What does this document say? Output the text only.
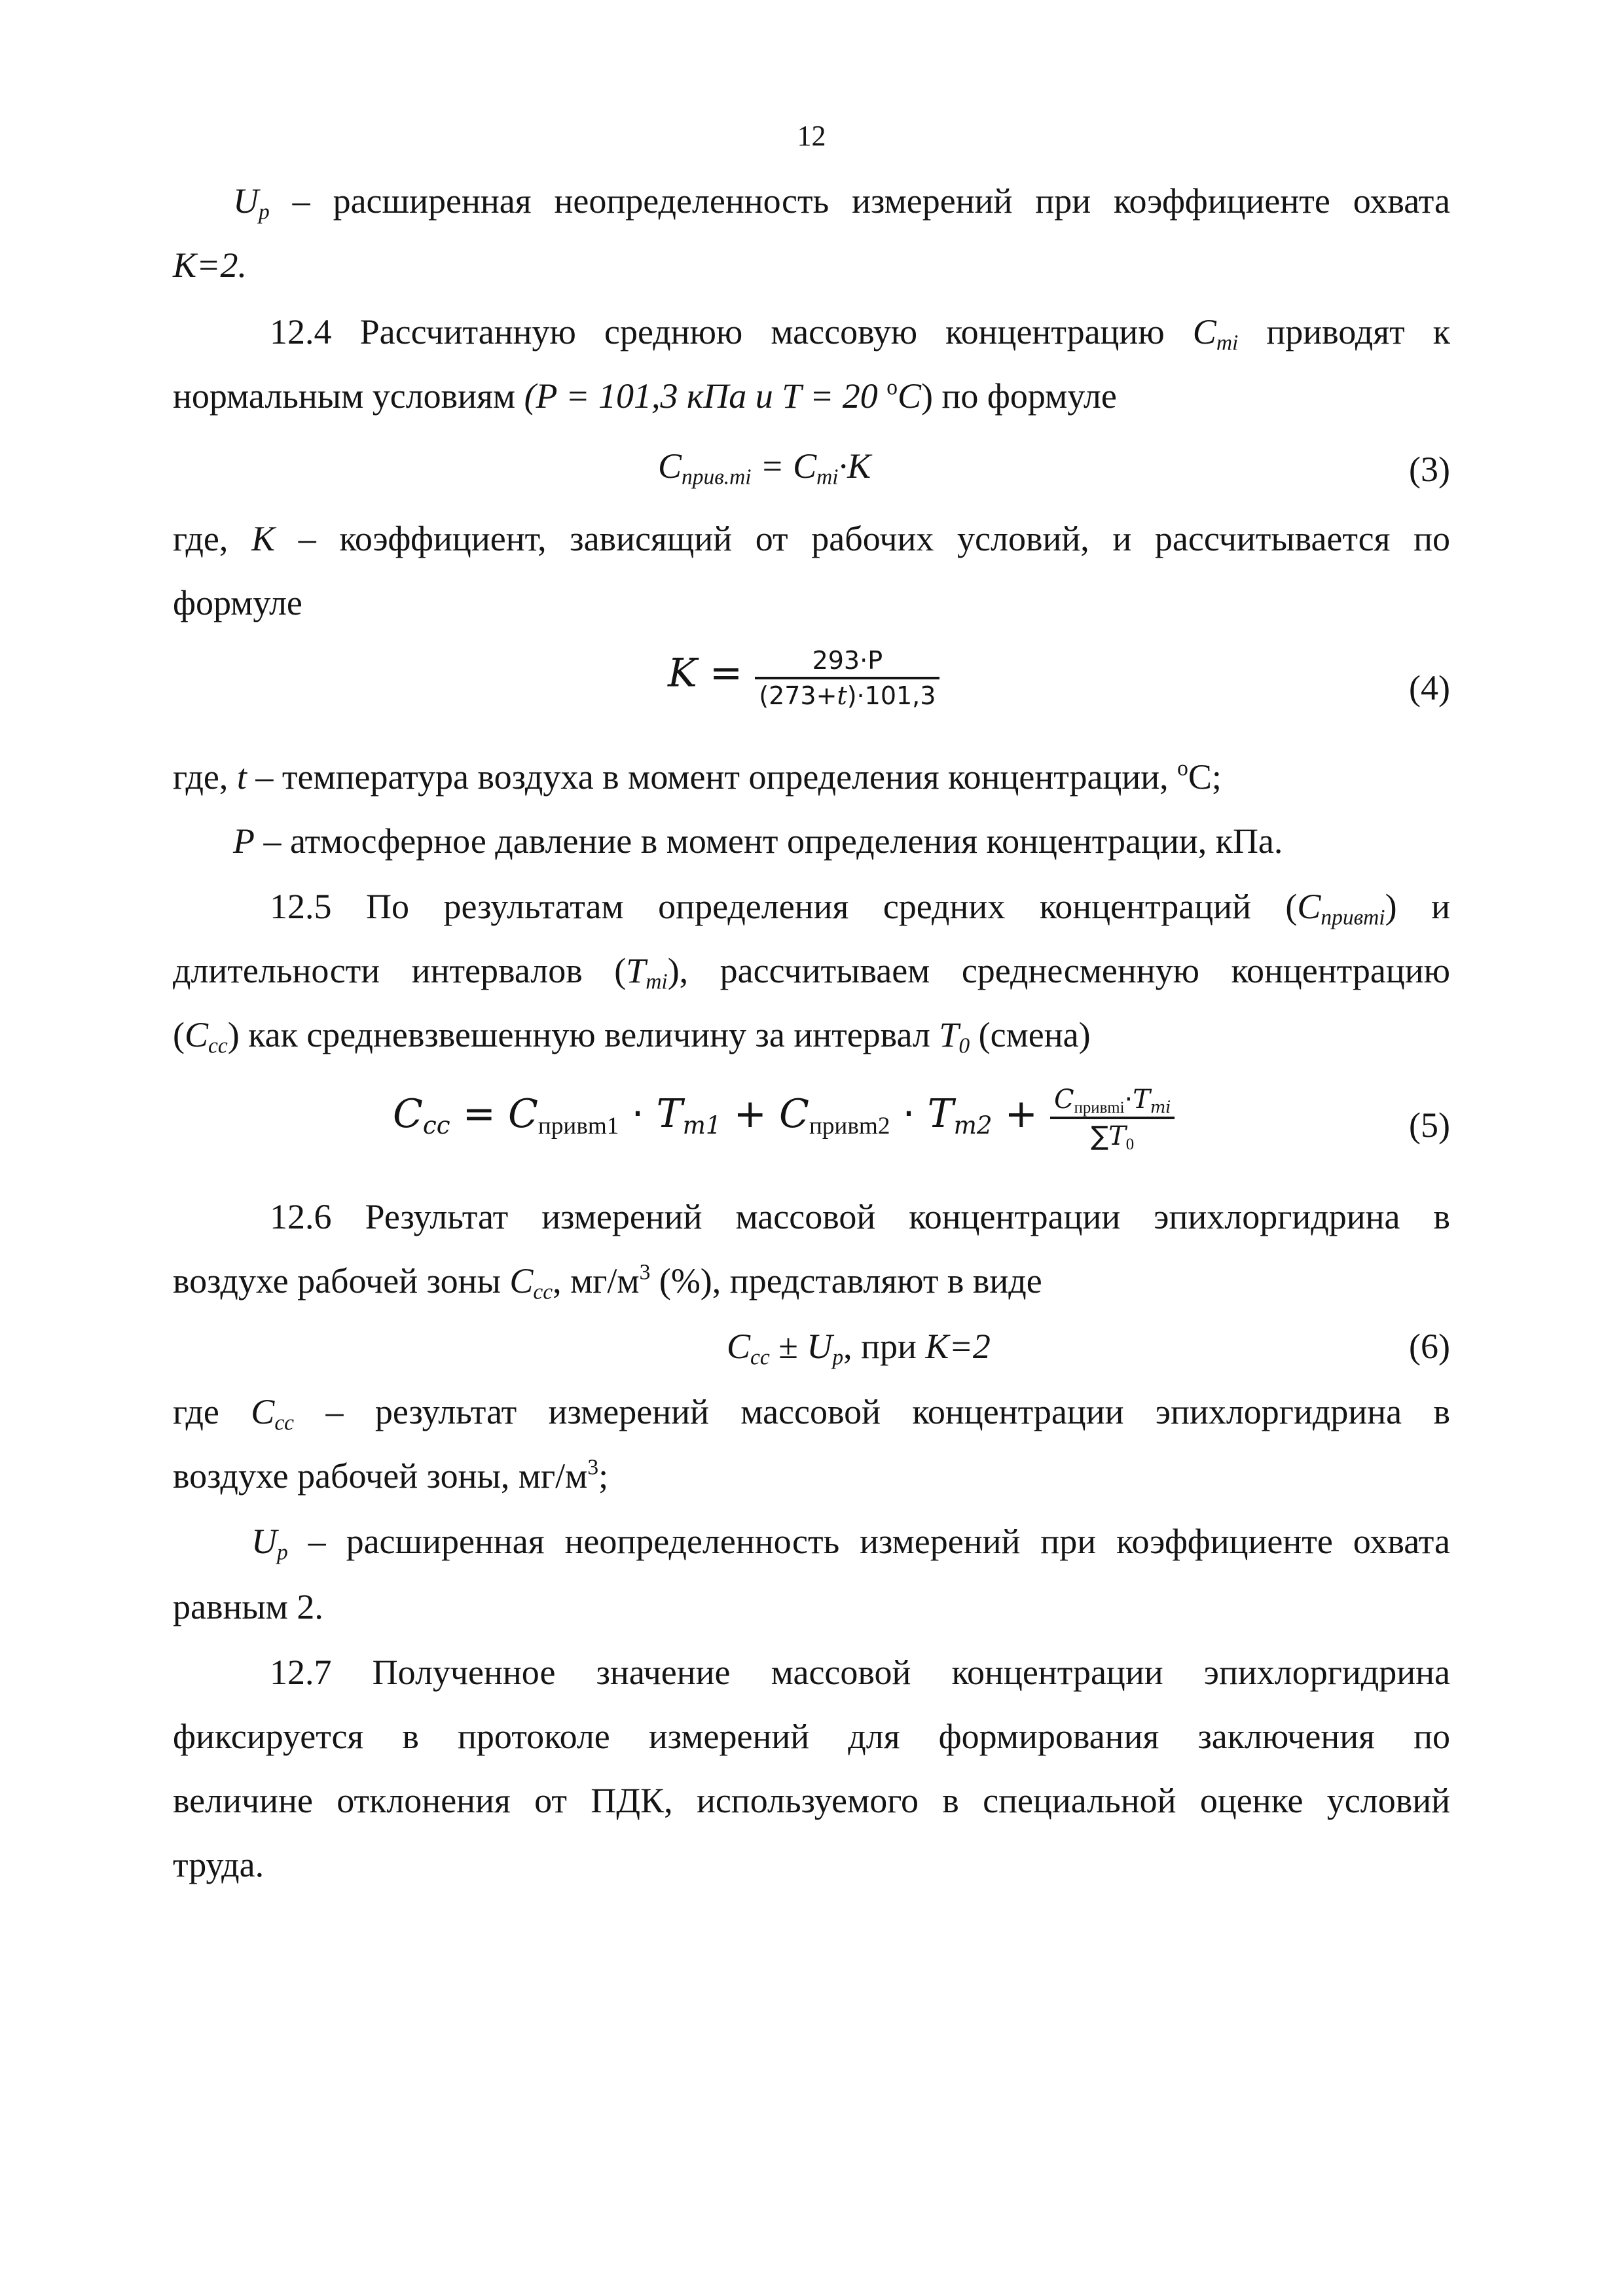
12
$U_p$ – расширенная неопределенность измерений при коэффициенте охвата
K=2.
12.4 Рассчитанную среднюю массовую концентрацию $C_{mi}$ приводят к
нормальным условиям (P = 101,3 кПа и T = 20 $^o$C) по формуле
$C_{прив.mi} = C_{mi}\cdot K$	(3)
где, K – коэффициент, зависящий от рабочих условий, и рассчитывается по
формуле
$K = \frac{293\cdot P}{(273+t)\cdot 101,3}$	(4)
где, t – температура воздуха в момент определения концентрации, $^o$С;
P – атмосферное давление в момент определения концентрации, кПа.
12.5 По результатам определения средних концентраций $(C_{привmi})$ и
длительности интервалов $(T_{mi})$, рассчитываем среднесменную концентрацию
$(C_{сс})$ как средневзвешенную величину за интервал $T_0$ (смена)
$C_{cc} = C_{привm1} \cdot T_{m1} + C_{привm2} \cdot T_{m2} + \frac{C_{привmi}\cdot T_{mi}}{\sum T_0}$	(5)
12.6 Результат измерений массовой концентрации эпихлоргидрина в
воздухе рабочей зоны $C_{cc}$, $мг/м^3$ (%), представляют в виде
$C_{cc} \pm U_p$, при K=2	(6)
где $C_{cc}$ – результат измерений массовой концентрации эпихлоргидрина в
воздухе рабочей зоны, $мг/м^3$;
$U_p$ – расширенная неопределенность измерений при коэффициенте охвата
равным 2.
12.7 Полученное значение массовой концентрации эпихлоргидрина
фиксируется в протоколе измерений для формирования заключения по
величине отклонения от ПДК, используемого в специальной оценке условий
труда.
